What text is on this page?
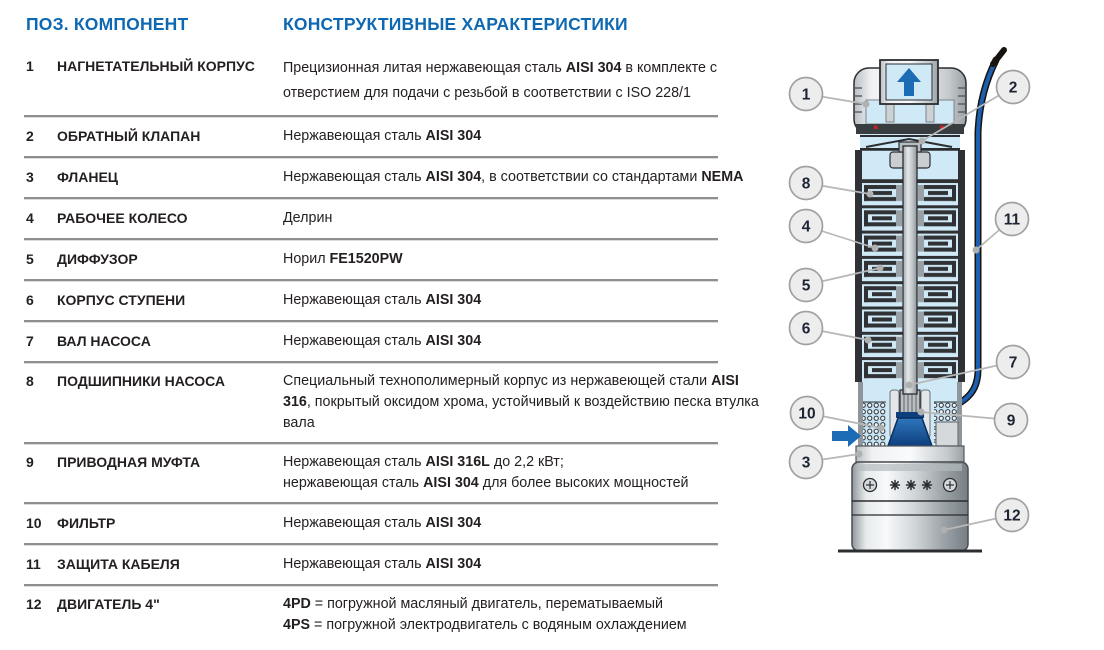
ПОЗ. КОМПОНЕНТ	КОНСТРУКТИВНЫЕ ХАРАКТЕРИСТИКИ
1	НАГНЕТАТЕЛЬНЫЙ КОРПУС	Прецизионная литая нержавеющая сталь AISI 304 в комплекте с отверстием для подачи с резьбой в соответствии с ISO 228/1
2	ОБРАТНЫЙ КЛАПАН	Нержавеющая сталь AISI 304
3	ФЛАНЕЦ	Нержавеющая сталь AISI 304, в соответствии со стандартами NEMA
4	РАБОЧЕЕ КОЛЕСО	Делрин
5	ДИФФУЗОР	Норил FE1520PW
6	КОРПУС СТУПЕНИ	Нержавеющая сталь AISI 304
7	ВАЛ НАСОСА	Нержавеющая сталь AISI 304
8	ПОДШИПНИКИ НАСОСА	Специальный технополимерный корпус из нержавеющей стали AISI 316, покрытый оксидом хрома, устойчивый к воздействию песка втулка вала
9	ПРИВОДНАЯ МУФТА	Нержавеющая сталь AISI 316L до 2,2 кВт;
нержавеющая сталь AISI 304 для более высоких мощностей
10	ФИЛЬТР	Нержавеющая сталь AISI 304
11	ЗАЩИТА КАБЕЛЯ	Нержавеющая сталь AISI 304
12	ДВИГАТЕЛЬ 4"	4PD = погружной масляный двигатель, перематываемый
4PS = погружной электродвигатель с водяным охлаждением
1	2
8
4	11
5
6
7
10	9
3
12
